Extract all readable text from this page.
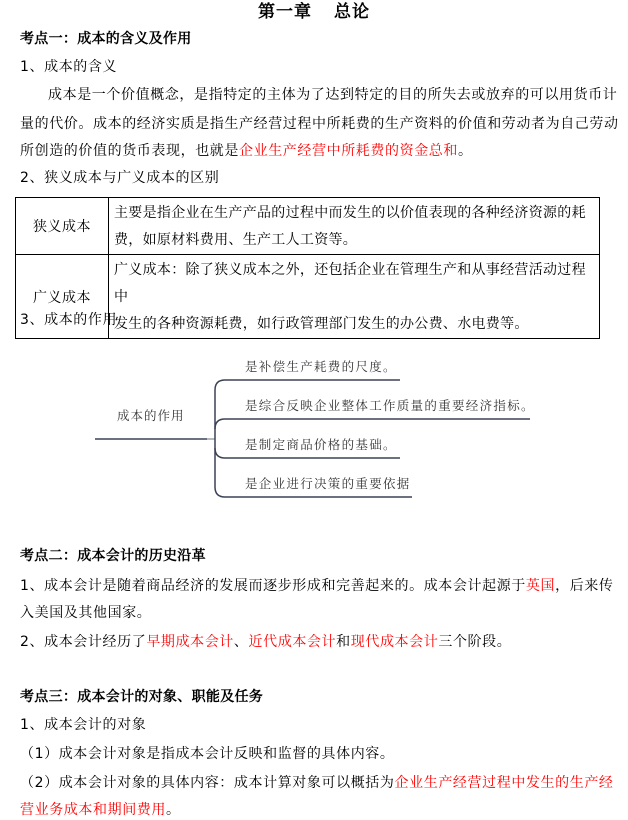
第一章 总论
考点一：成本的含义及作用
1、成本的含义
成本是一个价值概念，是指特定的主体为了达到特定的目的所失去或放弃的可以用货币计
量的代价。成本的经济实质是指生产经营过程中所耗费的生产资料的价值和劳动者为自己劳动
所创造的价值的货币表现，也就是企业生产经营中所耗费的资金总和。
2、狭义成本与广义成本的区别
狭义成本	主要是指企业在生产产品的过程中而发生的以价值表现的各种经济资源的耗
费，如原材料费用、生产工人工资等。

广义成本	广义成本：除了狭义成本之外，还包括企业在管理生产和从事经营活动过程中
发生的各种资源耗费，如行政管理部门发生的办公费、水电费等。
3、成本的作用
成本的作用
是补偿生产耗费的尺度。
是综合反映企业整体工作质量的重要经济指标。
是制定商品价格的基础。
是企业进行决策的重要依据
考点二：成本会计的历史沿革
1、成本会计是随着商品经济的发展而逐步形成和完善起来的。成本会计起源于英国，后来传
入美国及其他国家。
2、成本会计经历了早期成本会计、近代成本会计和现代成本会计三个阶段。
考点三：成本会计的对象、职能及任务
1、成本会计的对象
（1）成本会计对象是指成本会计反映和监督的具体内容。
（2）成本会计对象的具体内容：成本计算对象可以概括为企业生产经营过程中发生的生产经
营业务成本和期间费用。
